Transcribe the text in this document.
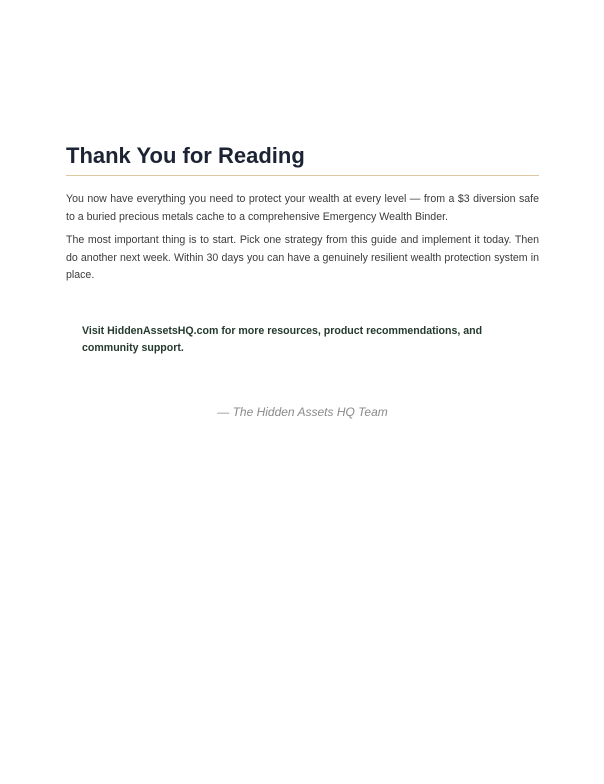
Thank You for Reading

You now have everything you need to protect your wealth at every level — from a $3 diversion safe to a buried precious metals cache to a comprehensive Emergency Wealth Binder.

The most important thing is to start. Pick one strategy from this guide and implement it today. Then do another next week. Within 30 days you can have a genuinely resilient wealth protection system in place.

Visit HiddenAssetsHQ.com for more resources, product recommendations, and community support.

— The Hidden Assets HQ Team
